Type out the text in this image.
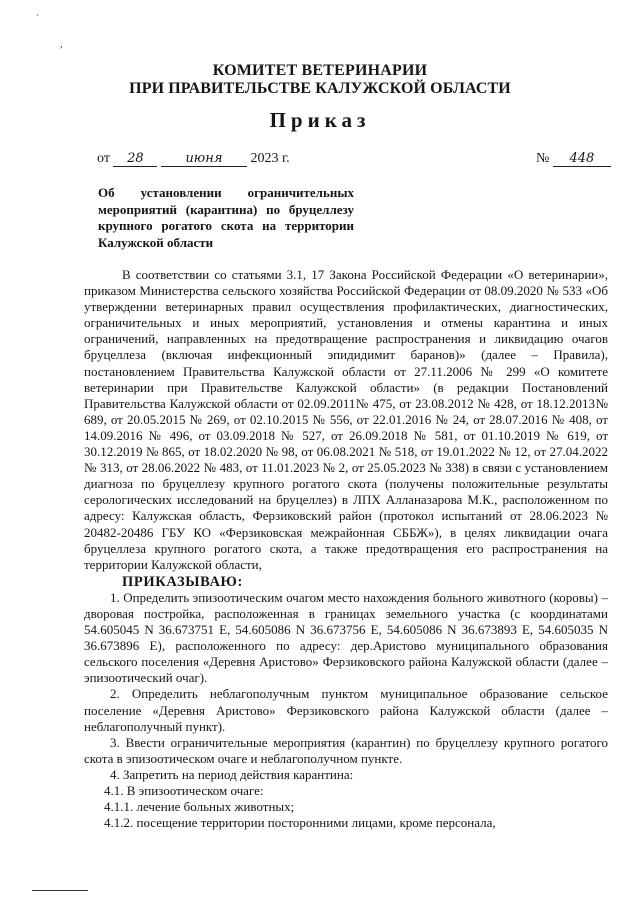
`
,
КОМИТЕТ ВЕТЕРИНАРИИ
ПРИ ПРАВИТЕЛЬСТВЕ КАЛУЖСКОЙ ОБЛАСТИ
Приказ
от 28	июня 2023 г.	№ 448
Об установлении ограничительных мероприятий (карантина) по бруцеллезу крупного рогатого скота на территории Калужской области

В соответствии со статьями 3.1, 17 Закона Российской Федерации «О ветеринарии», приказом Министерства сельского хозяйства Российской Федерации от 08.09.2020 № 533 «Об утверждении ветеринарных правил осуществления профилактических, диагностических, ограничительных и иных мероприятий, установления и отмены карантина и иных ограничений, направленных на предотвращение распространения и ликвидацию очагов бруцеллеза (включая инфекционный эпидидимит баранов)» (далее – Правила), постановлением Правительства Калужской области от 27.11.2006 № 299 «О комитете ветеринарии при Правительстве Калужской области» (в редакции Постановлений Правительства Калужской области от 02.09.2011№ 475, от 23.08.2012 № 428, от 18.12.2013№ 689, от 20.05.2015 № 269, от 02.10.2015 № 556, от 22.01.2016 № 24, от 28.07.2016 № 408, от 14.09.2016 № 496, от 03.09.2018 № 527, от 26.09.2018 № 581, от 01.10.2019 № 619, от 30.12.2019 № 865, от 18.02.2020 № 98, от 06.08.2021 № 518, от 19.01.2022 № 12, от 27.04.2022 № 313, от 28.06.2022 № 483, от 11.01.2023 № 2, от 25.05.2023 № 338) в связи с установлением диагноза по бруцеллезу крупного рогатого скота (получены положительные результаты серологических исследований на бруцеллез) в ЛПХ Алланазарова М.К., расположенном по адресу: Калужская область, Ферзиковский район (протокол испытаний от 28.06.2023 № 20482-20486 ГБУ КО «Ферзиковская межрайонная СББЖ»), в целях ликвидации очага бруцеллеза крупного рогатого скота, а также предотвращения его распространения на территории Калужской области,

ПРИКАЗЫВАЮ:

1. Определить эпизоотическим очагом место нахождения больного животного (коровы) – дворовая постройка, расположенная в границах земельного участка (с координатами 54.605045 N 36.673751 E, 54.605086 N 36.673756 E, 54.605086 N 36.673893 E, 54.605035 N 36.673896 E), расположенного по адресу: дер.Аристово муниципального образования сельского поселения «Деревня Аристово» Ферзиковского района Калужской области (далее – эпизоотический очаг).

2. Определить неблагополучным пунктом муниципальное образование сельское поселение «Деревня Аристово» Ферзиковского района Калужской области (далее – неблагополучный пункт).

3. Ввести ограничительные мероприятия (карантин) по бруцеллезу крупного рогатого скота в эпизоотическом очаге и неблагополучном пункте.

4. Запретить на период действия карантина:

4.1. В эпизоотическом очаге:

4.1.1. лечение больных животных;

4.1.2. посещение территории посторонними лицами, кроме персонала,
